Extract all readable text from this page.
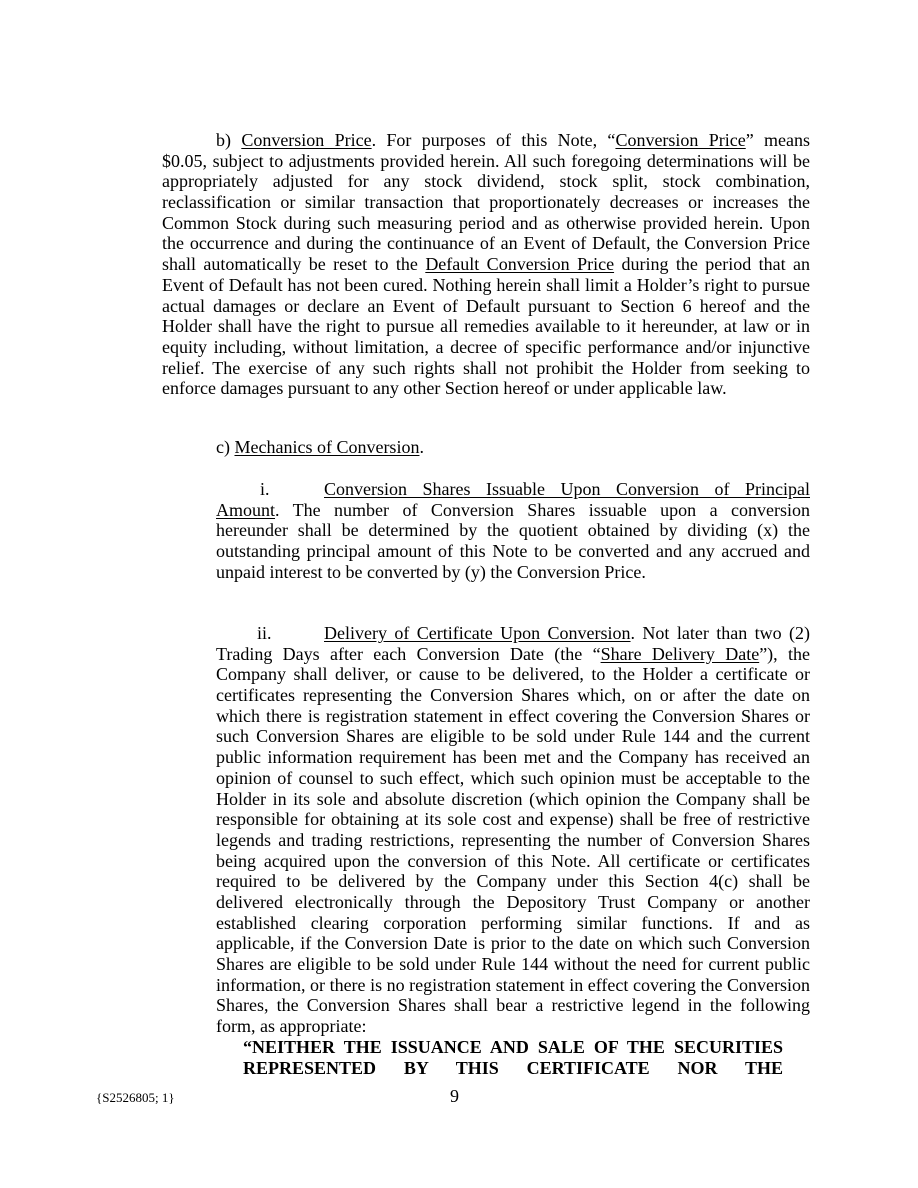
b) Conversion Price. For purposes of this Note, “Conversion Price” means
$0.05, subject to adjustments provided herein. All such foregoing determinations will be
appropriately adjusted for any stock dividend, stock split, stock combination,
reclassification or similar transaction that proportionately decreases or increases the
Common Stock during such measuring period and as otherwise provided herein. Upon
the occurrence and during the continuance of an Event of Default, the Conversion Price
shall automatically be reset to the Default Conversion Price during the period that an
Event of Default has not been cured. Nothing herein shall limit a Holder’s right to pursue
actual damages or declare an Event of Default pursuant to Section 6 hereof and the
Holder shall have the right to pursue all remedies available to it hereunder, at law or in
equity including, without limitation, a decree of specific performance and/or injunctive
relief. The exercise of any such rights shall not prohibit the Holder from seeking to
enforce damages pursuant to any other Section hereof or under applicable law.
c) Mechanics of Conversion.
i.	Conversion Shares Issuable Upon Conversion of Principal
Amount. The number of Conversion Shares issuable upon a conversion
hereunder shall be determined by the quotient obtained by dividing (x) the
outstanding principal amount of this Note to be converted and any accrued and
unpaid interest to be converted by (y) the Conversion Price.
ii.	Delivery of Certificate Upon Conversion. Not later than two (2)
Trading Days after each Conversion Date (the “Share Delivery Date”), the
Company shall deliver, or cause to be delivered, to the Holder a certificate or
certificates representing the Conversion Shares which, on or after the date on
which there is registration statement in effect covering the Conversion Shares or
such Conversion Shares are eligible to be sold under Rule 144 and the current
public information requirement has been met and the Company has received an
opinion of counsel to such effect, which such opinion must be acceptable to the
Holder in its sole and absolute discretion (which opinion the Company shall be
responsible for obtaining at its sole cost and expense) shall be free of restrictive
legends and trading restrictions, representing the number of Conversion Shares
being acquired upon the conversion of this Note. All certificate or certificates
required to be delivered by the Company under this Section 4(c) shall be
delivered electronically through the Depository Trust Company or another
established clearing corporation performing similar functions. If and as
applicable, if the Conversion Date is prior to the date on which such Conversion
Shares are eligible to be sold under Rule 144 without the need for current public
information, or there is no registration statement in effect covering the Conversion
Shares, the Conversion Shares shall bear a restrictive legend in the following
form, as appropriate:
“NEITHER THE ISSUANCE AND SALE OF THE SECURITIES
REPRESENTED BY THIS CERTIFICATE NOR THE
{S2526805; 1}	9
